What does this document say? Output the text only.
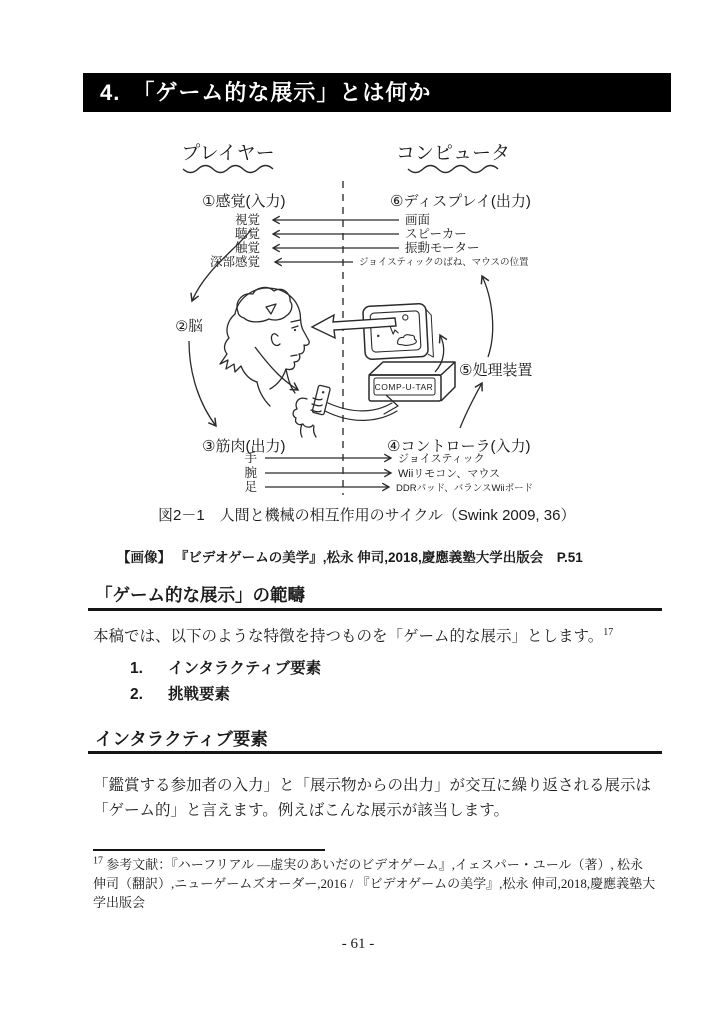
4.　「ゲーム的な展示」とは何か
プレイヤー	コンピュータ
①感覚(入力)	⑥ディスプレイ(出力)
視覚
聴覚
触覚
深部感覚
画面
スピーカー
振動モーター
ジョイスティックのばね、マウスの位置
②脳
COMP-U-TAR
⑤処理装置
③筋肉(出力)	④コントローラ(入力)
手
腕
足
ジョイスティック
Wiiリモコン、マウス
DDRパッド、バランスWiiボード
図2－1　人間と機械の相互作用のサイクル（Swink 2009, 36）
【画像】 『ビデオゲームの美学』,松永 伸司,2018,慶應義塾大学出版会　P.51
「ゲーム的な展示」の範疇
本稿では、以下のような特徴を持つものを「ゲーム的な展示」とします。$^{17}$
1. インタラクティブ要素
2. 挑戦要素
インタラクティブ要素
「鑑賞する参加者の入力」と「展示物からの出力」が交互に繰り返される展示は
「ゲーム的」と言えます。例えばこんな展示が該当します。
$^{17}$ 参考文献：『ハーフリアル ―虚実のあいだのビデオゲーム』,イェスパー・ユール（著）, 松永
伸司（翻訳）,ニューゲームズオーダー,2016 / 『ビデオゲームの美学』,松永 伸司,2018,慶應義塾大
学出版会
- 61 -
